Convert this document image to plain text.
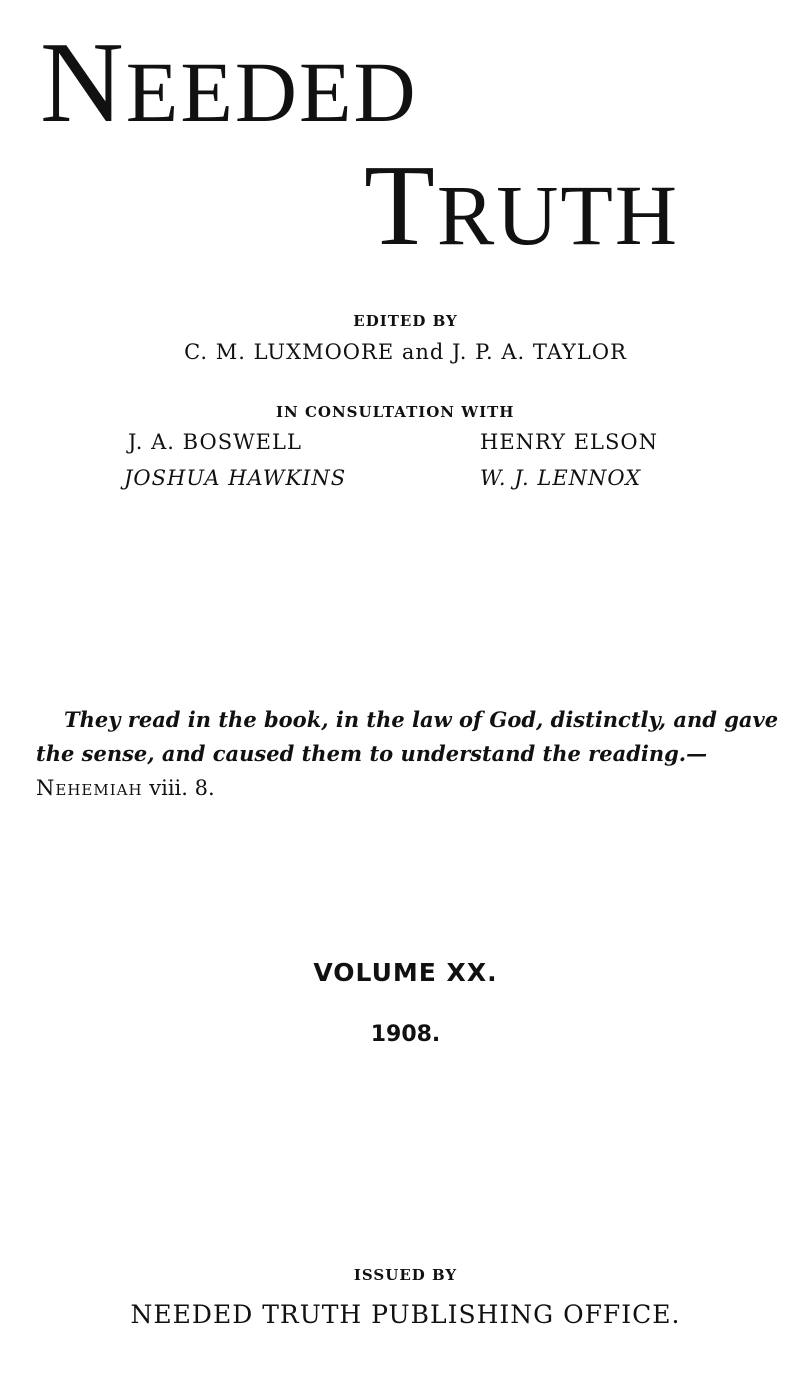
NEEDED
TRUTH
EDITED BY
C. M. LUXMOORE and J. P. A. TAYLOR
IN CONSULTATION WITH
J. A. BOSWELL	HENRY ELSON
JOSHUA HAWKINS	W. J. LENNOX
They read in the book, in the law of God, distinctly, and gave the sense, and caused them to understand the reading.—Nehemiah viii. 8.
VOLUME XX.
1908.
ISSUED BY
NEEDED TRUTH PUBLISHING OFFICE.
